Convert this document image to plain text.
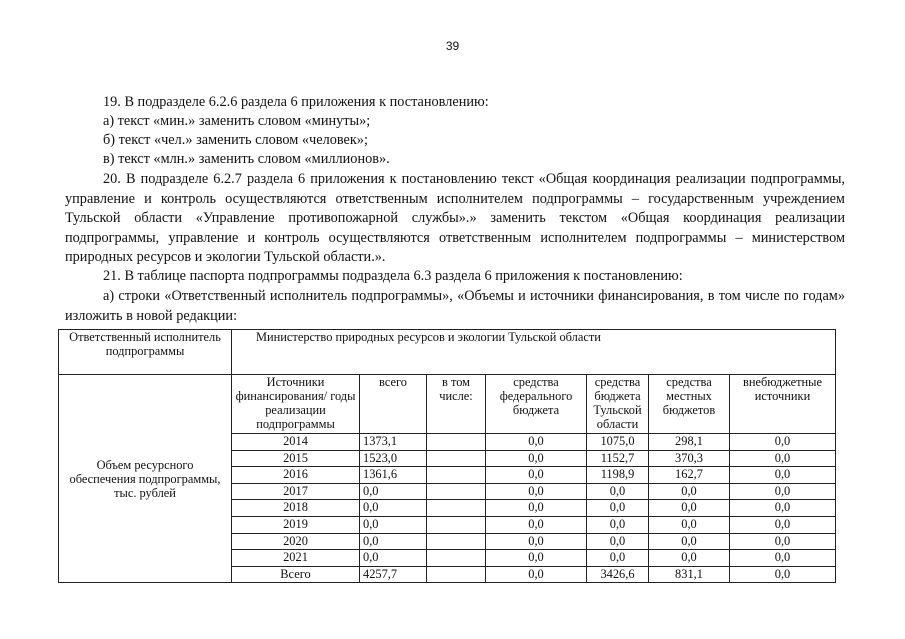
39

19. В подразделе 6.2.6 раздела 6 приложения к постановлению:

а) текст «мин.» заменить словом «минуты»;

б) текст «чел.» заменить словом «человек»;

в) текст «млн.» заменить словом «миллионов».

20. В подразделе 6.2.7 раздела 6 приложения к постановлению текст «Общая координация реализации подпрограммы, управление и контроль осуществляются ответственным исполнителем подпрограммы – государственным учреждением Тульской области «Управление противопожарной службы».» заменить текстом «Общая координация реализации подпрограммы, управление и контроль осуществляются ответственным исполнителем подпрограммы – министерством природных ресурсов и экологии Тульской области.».

21. В таблице паспорта подпрограммы подраздела 6.3 раздела 6 приложения к постановлению:

а) строки «Ответственный исполнитель подпрограммы», «Объемы и источники финансирования, в том числе по годам» изложить в новой редакции:

Ответственный исполнитель подпрограммы	Министерство природных ресурсов и экологии Тульской области						
Объем ресурсного обеспечения подпрограммы, тыс. рублей	Источники финансирования/ годы реализации подпрограммы	всего	в том числе:	средства федерального бюджета	средства бюджета Тульской области	средства местных бюджетов	внебюджетные источники
	2014	1373,1		0,0	1075,0	298,1	0,0
	2015	1523,0		0,0	1152,7	370,3	0,0
	2016	1361,6		0,0	1198,9	162,7	0,0
	2017	0,0		0,0	0,0	0,0	0,0
	2018	0,0		0,0	0,0	0,0	0,0
	2019	0,0		0,0	0,0	0,0	0,0
	2020	0,0		0,0	0,0	0,0	0,0
	2021	0,0		0,0	0,0	0,0	0,0
	Всего	4257,7		0,0	3426,6	831,1	0,0
